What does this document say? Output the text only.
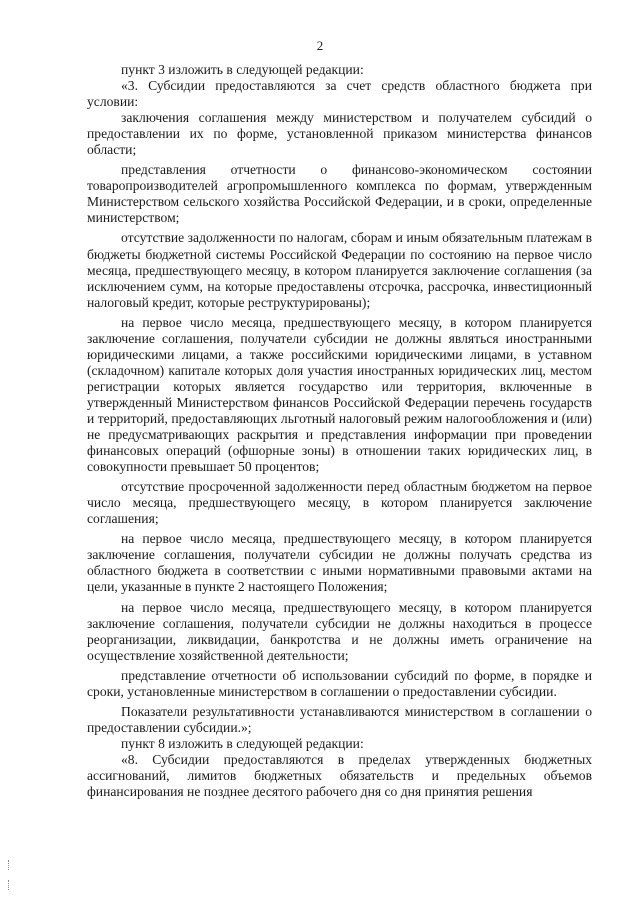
2

пункт 3 изложить в следующей редакции:

«3. Субсидии предоставляются за счет средств областного бюджета при условии:

заключения соглашения между министерством и получателем субсидий о предоставлении их по форме, установленной приказом министерства финансов области;

представления отчетности о финансово-экономическом состоянии товаропроизводителей агропромышленного комплекса по формам, утвержденным Министерством сельского хозяйства Российской Федерации, и в сроки, определенные министерством;

отсутствие задолженности по налогам, сборам и иным обязательным платежам в бюджеты бюджетной системы Российской Федерации по состоянию на первое число месяца, предшествующего месяцу, в котором планируется заключение соглашения (за исключением сумм, на которые предоставлены отсрочка, рассрочка, инвестиционный налоговый кредит, которые реструктурированы);

на первое число месяца, предшествующего месяцу, в котором планируется заключение соглашения, получатели субсидии не должны являться иностранными юридическими лицами, а также российскими юридическими лицами, в уставном (складочном) капитале которых доля участия иностранных юридических лиц, местом регистрации которых является государство или территория, включенные в утвержденный Министерством финансов Российской Федерации перечень государств и территорий, предоставляющих льготный налоговый режим налогообложения и (или) не предусматривающих раскрытия и представления информации при проведении финансовых операций (офшорные зоны) в отношении таких юридических лиц, в совокупности превышает 50 процентов;

отсутствие просроченной задолженности перед областным бюджетом на первое число месяца, предшествующего месяцу, в котором планируется заключение соглашения;

на первое число месяца, предшествующего месяцу, в котором планируется заключение соглашения, получатели субсидии не должны получать средства из областного бюджета в соответствии с иными нормативными правовыми актами на цели, указанные в пункте 2 настоящего Положения;

на первое число месяца, предшествующего месяцу, в котором планируется заключение соглашения, получатели субсидии не должны находиться в процессе реорганизации, ликвидации, банкротства и не должны иметь ограничение на осуществление хозяйственной деятельности;

представление отчетности об использовании субсидий по форме, в порядке и сроки, установленные министерством в соглашении о предоставлении субсидии.

Показатели результативности устанавливаются министерством в соглашении о предоставлении субсидии.»;

пункт 8 изложить в следующей редакции:

«8. Субсидии предоставляются в пределах утвержденных бюджетных ассигнований, лимитов бюджетных обязательств и предельных объемов финансирования не позднее десятого рабочего дня со дня принятия решения
